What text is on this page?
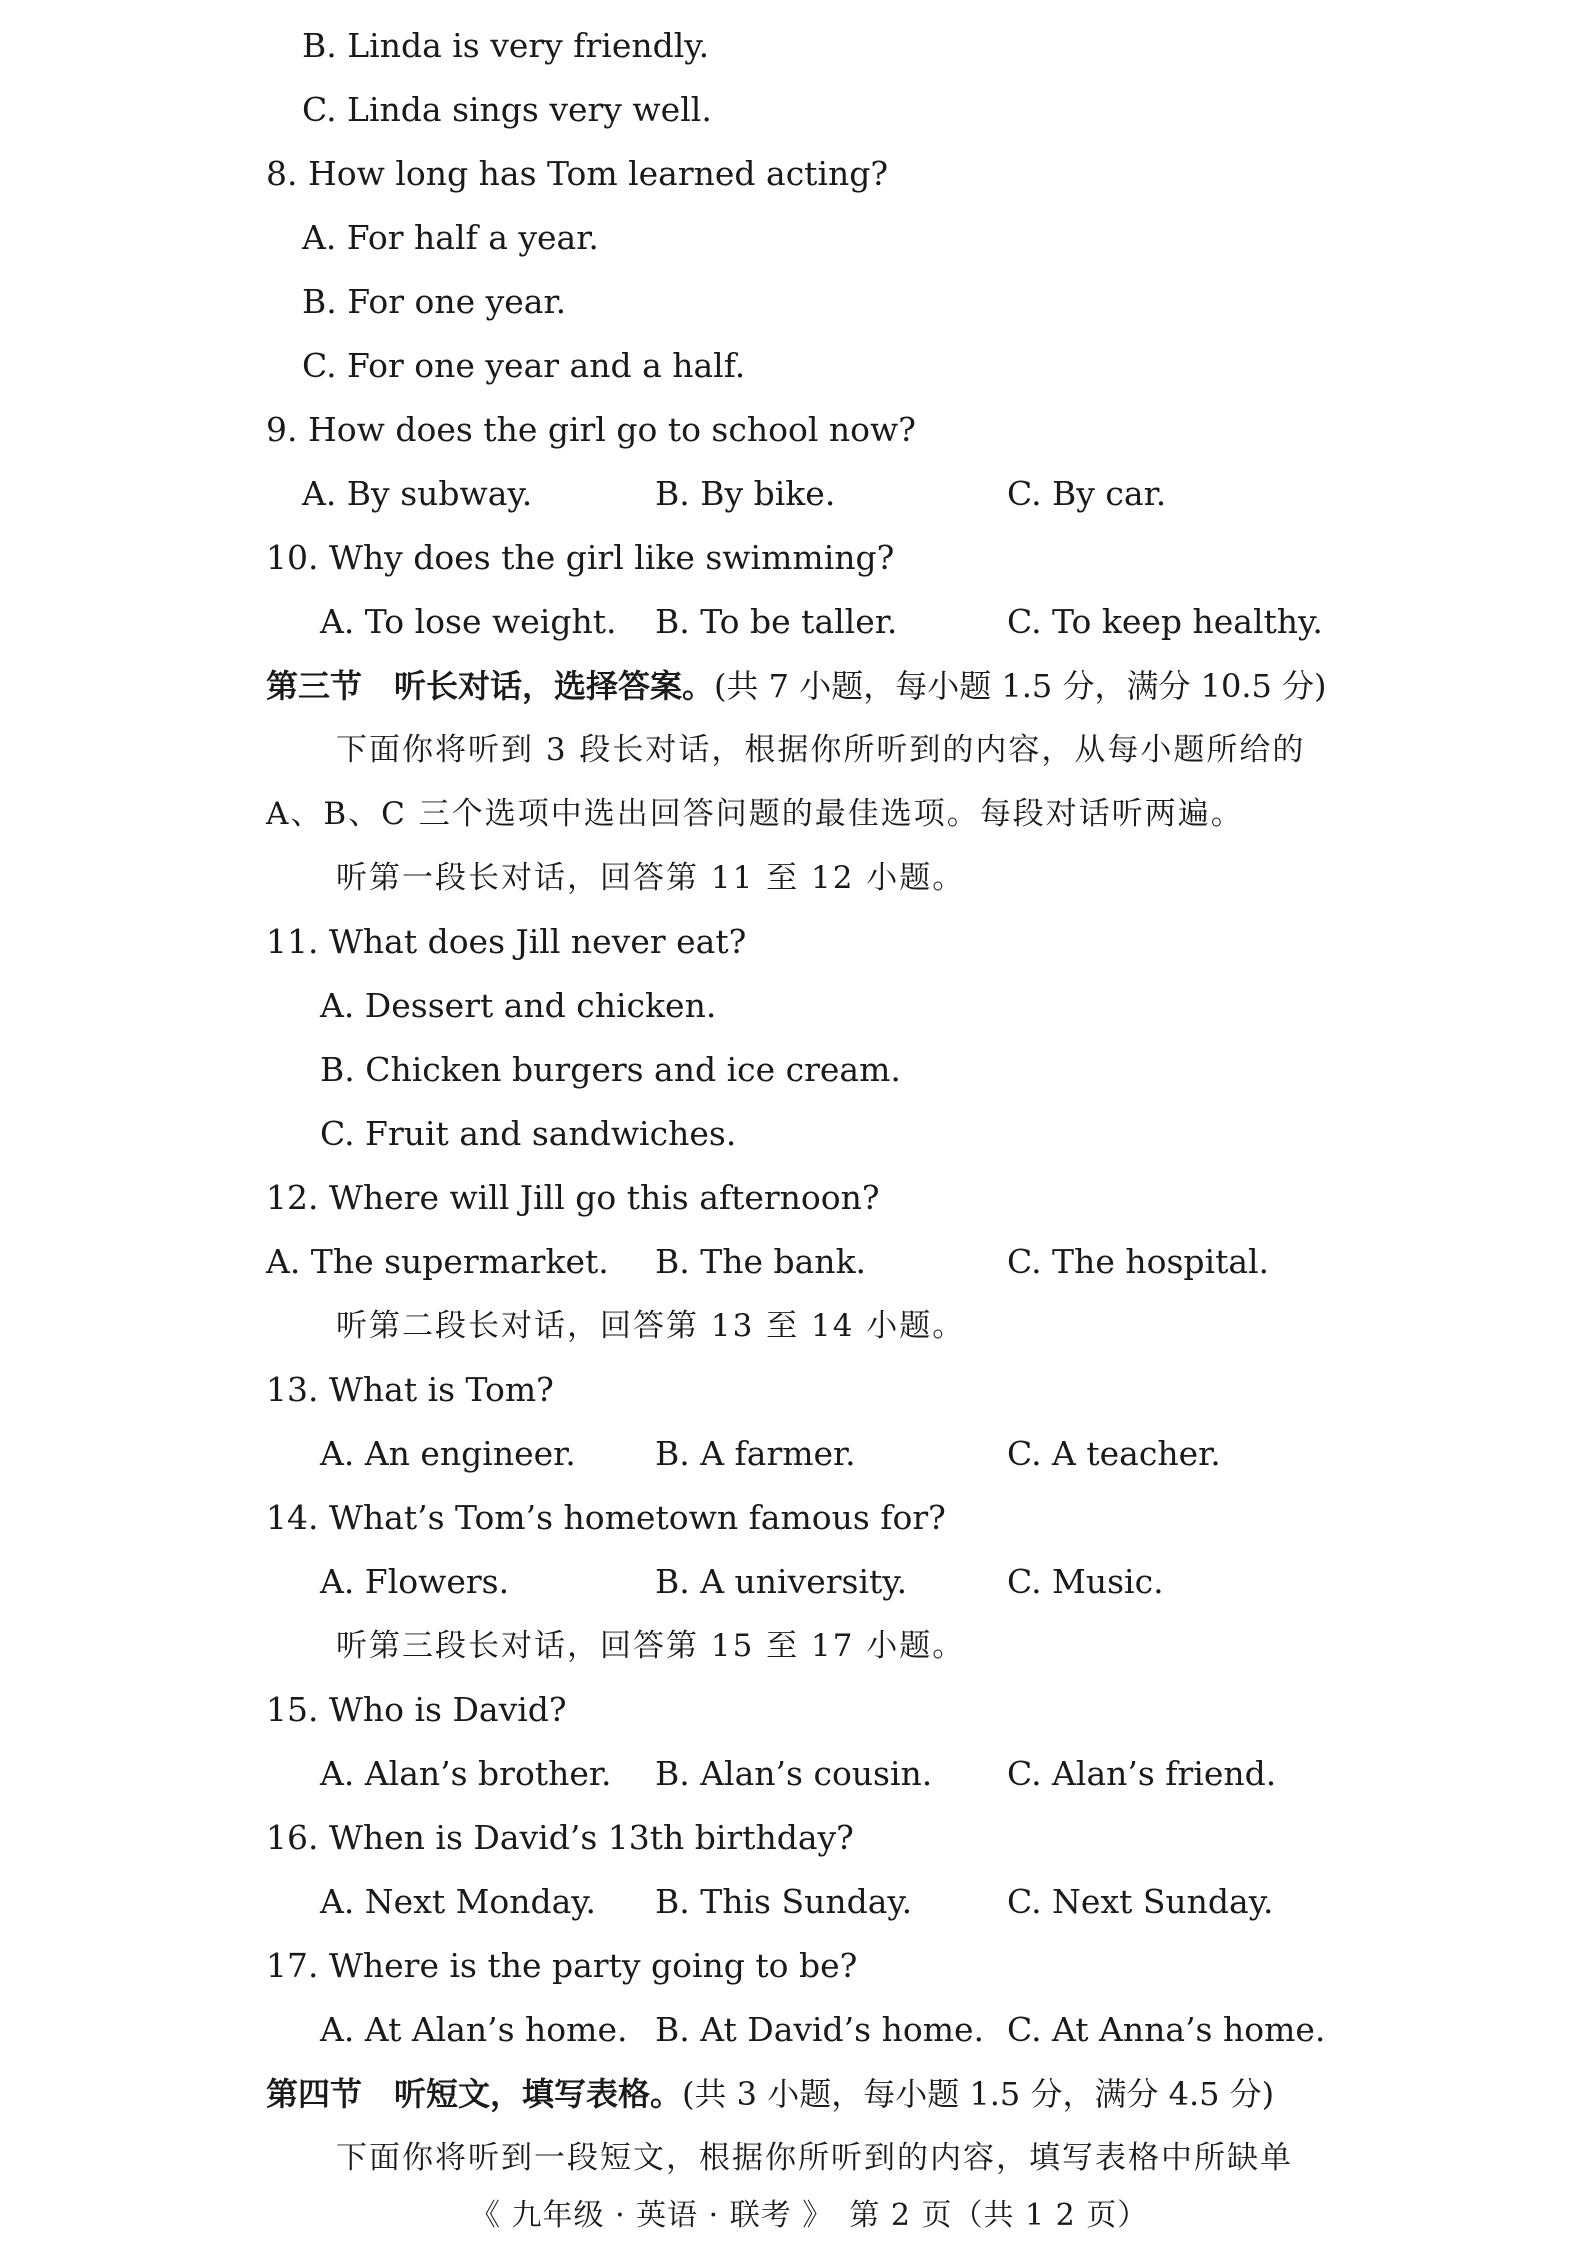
B. Linda is very friendly.
C. Linda sings very well.
8. How long has Tom learned acting?
A. For half a year.
B. For one year.
C. For one year and a half.
9. How does the girl go to school now?
A. By subway.	B. By bike.	C. By car.
10. Why does the girl like swimming?
A. To lose weight. B. To be taller.	C. To keep healthy.
第三节　听长对话，选择答案。(共 7 小题，每小题 1.5 分，满分 10.5 分)
下面你将听到 3 段长对话，根据你所听到的内容，从每小题所给的
A、B、C 三个选项中选出回答问题的最佳选项。每段对话听两遍。
听第一段长对话，回答第 11 至 12 小题。
11. What does Jill never eat?
A. Dessert and chicken.
B. Chicken burgers and ice cream.
C. Fruit and sandwiches.
12. Where will Jill go this afternoon?
A. The supermarket. B. The bank.	C. The hospital.
听第二段长对话，回答第 13 至 14 小题。
13. What is Tom?
A. An engineer. B. A farmer.	C. A teacher.
14. What’s Tom’s hometown famous for?
A. Flowers.	B. A university.	C. Music.
听第三段长对话，回答第 15 至 17 小题。
15. Who is David?
A. Alan’s brother. B. Alan’s cousin. C. Alan’s friend.
16. When is David’s 13th birthday?
A. Next Monday. B. This Sunday.	C. Next Sunday.
17. Where is the party going to be?
A. At Alan’s home. B. At David’s home. C. At Anna’s home.
第四节　听短文，填写表格。(共 3 小题，每小题 1.5 分，满分 4.5 分)
下面你将听到一段短文，根据你所听到的内容，填写表格中所缺单
《 九年级 · 英语 · 联考 》　第 2 页（共 1 2 页）
